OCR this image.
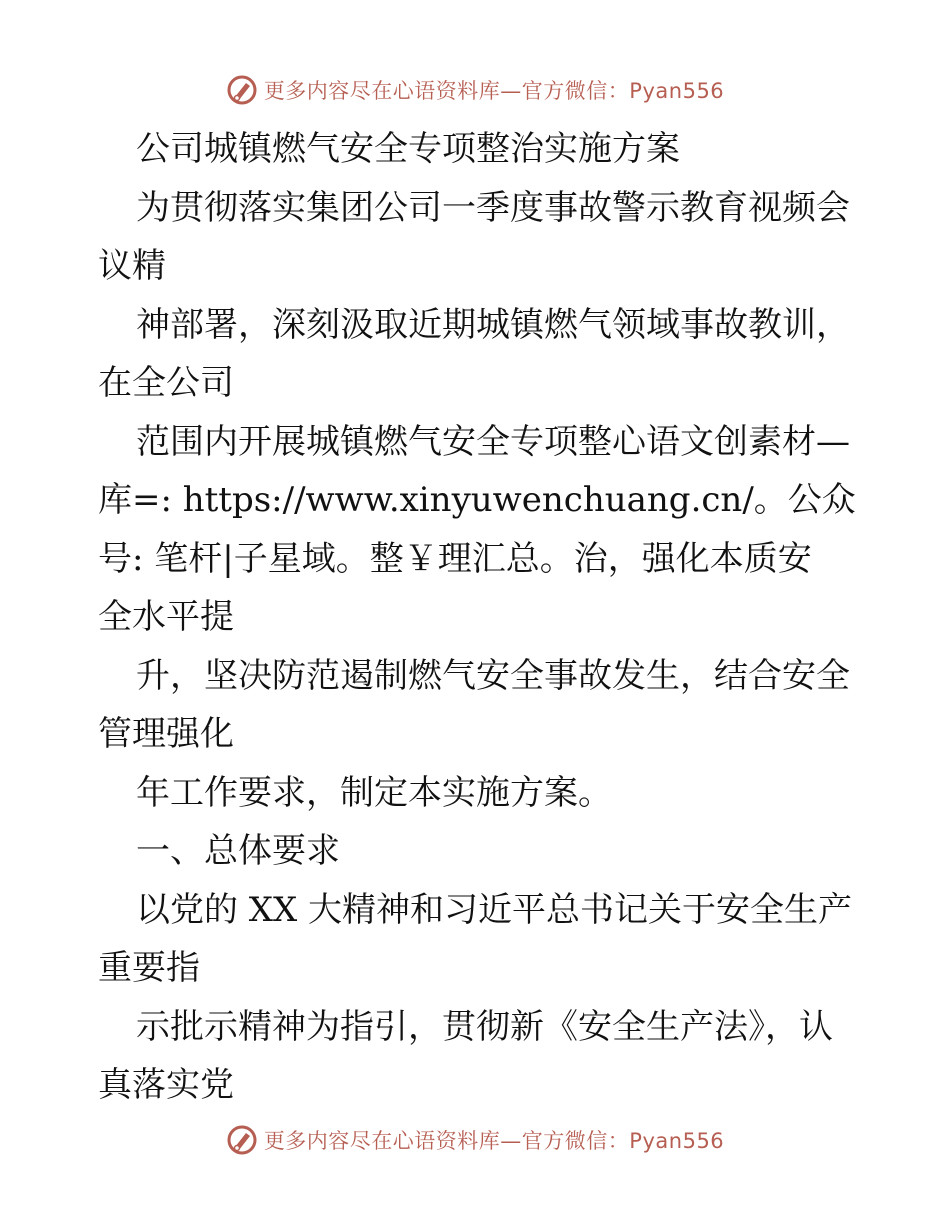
更多内容尽在心语资料库—官方微信：Pyan556
公司城镇燃气安全专项整治实施方案
为贯彻落实集团公司一季度事故警示教育视频会
议精
神部署，深刻汲取近期城镇燃气领域事故教训，
在全公司
范围内开展城镇燃气安全专项整心语文创素材—
库=: https://www.xinyuwenchuang.cn/。公众
号: 笔杆|子星域。整￥理汇总。治，强化本质安
全水平提
升，坚决防范遏制燃气安全事故发生，结合安全
管理强化
年工作要求，制定本实施方案。
一、总体要求
以党的 XX 大精神和习近平总书记关于安全生产
重要指
示批示精神为指引，贯彻新《安全生产法》，认
真落实党
更多内容尽在心语资料库—官方微信：Pyan556
